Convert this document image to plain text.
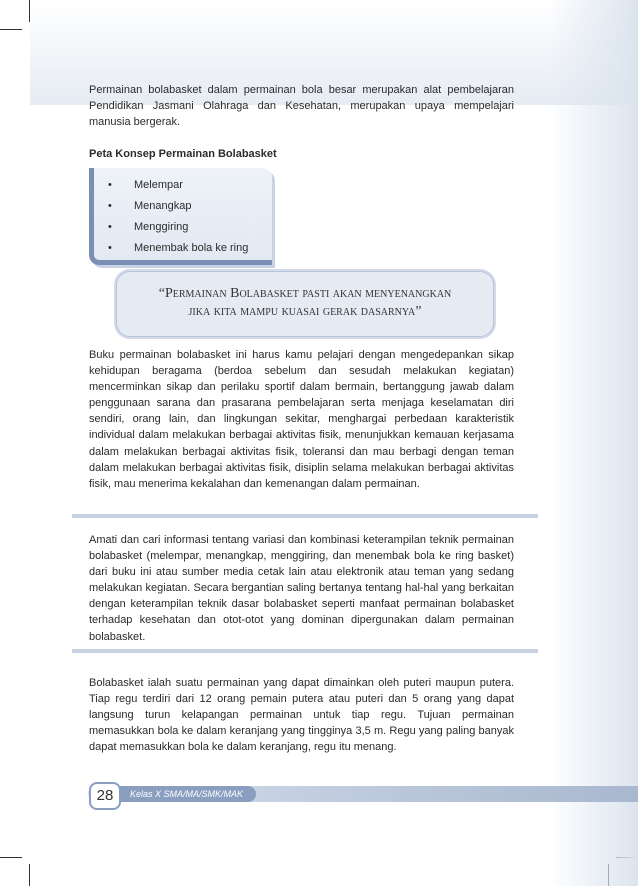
Permainan bolabasket dalam permainan bola besar merupakan alat pembelajaran Pendidikan Jasmani Olahraga dan Kesehatan, merupakan upaya mempelajari manusia bergerak.

Peta Konsep Permainan Bolabasket
• Melempar
• Menangkap
• Menggiring
• Menembak bola ke ring
“Permainan Bolabasket pasti akan menyenangkan
jika kita mampu kuasai gerak dasarnya”

Buku permainan bolabasket ini harus kamu pelajari dengan mengedepankan sikap kehidupan beragama (berdoa sebelum dan sesudah melakukan kegiatan) mencerminkan sikap dan perilaku sportif dalam bermain, bertanggung jawab dalam penggunaan sarana dan prasarana pembelajaran serta menjaga keselamatan diri sendiri, orang lain, dan lingkungan sekitar, menghargai perbedaan karakteristik individual dalam melakukan berbagai aktivitas fisik, menunjukkan kemauan kerjasama dalam melakukan berbagai aktivitas fisik, toleransi dan mau berbagi dengan teman dalam melakukan berbagai aktivitas fisik, disiplin selama melakukan berbagai aktivitas fisik, mau menerima kekalahan dan kemenangan dalam permainan.

Amati dan cari informasi tentang variasi dan kombinasi keterampilan teknik permainan bolabasket (melempar, menangkap, menggiring, dan menembak bola ke ring basket) dari buku ini atau sumber media cetak lain atau elektronik atau teman yang sedang melakukan kegiatan. Secara bergantian saling bertanya tentang hal-hal yang berkaitan dengan keterampilan teknik dasar bolabasket seperti manfaat permainan bolabasket terhadap kesehatan dan otot-otot yang dominan dipergunakan dalam permainan bolabasket.

Bolabasket ialah suatu permainan yang dapat dimainkan oleh puteri maupun putera. Tiap regu terdiri dari 12 orang pemain putera atau puteri dan 5 orang yang dapat langsung turun kelapangan permainan untuk tiap regu. Tujuan permainan memasukkan bola ke dalam keranjang yang tingginya 3,5 m. Regu yang paling banyak dapat memasukkan bola ke dalam keranjang, regu itu menang.

Kelas X SMA/MA/SMK/MAK
28
